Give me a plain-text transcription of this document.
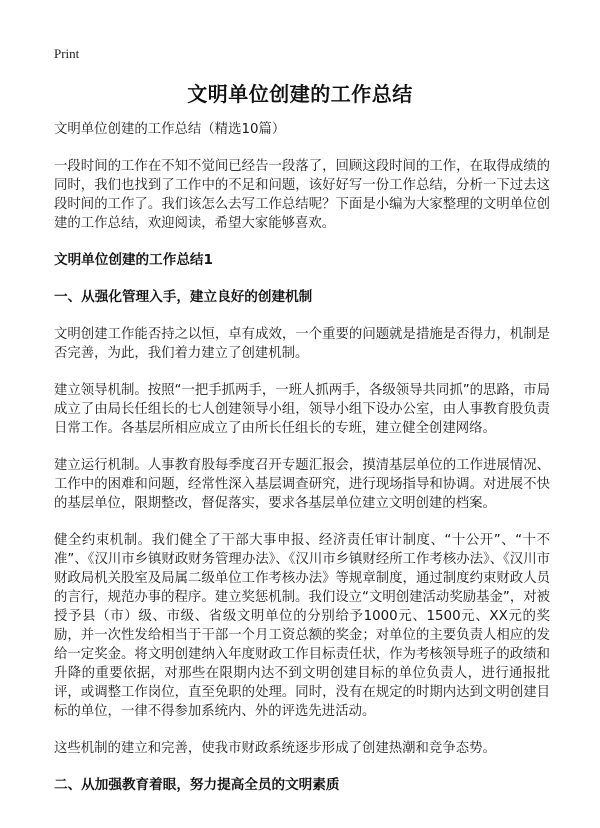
Print
文明单位创建的工作总结

文明单位创建的工作总结（精选10篇）

一段时间的工作在不知不觉间已经告一段落了，回顾这段时间的工作，在取得成绩的同时，我们也找到了工作中的不足和问题，该好好写一份工作总结，分析一下过去这段时间的工作了。我们该怎么去写工作总结呢？下面是小编为大家整理的文明单位创建的工作总结，欢迎阅读，希望大家能够喜欢。

文明单位创建的工作总结1
一、从强化管理入手，建立良好的创建机制

文明创建工作能否持之以恒，卓有成效，一个重要的问题就是措施是否得力，机制是否完善，为此，我们着力建立了创建机制。

建立领导机制。按照“一把手抓两手，一班人抓两手，各级领导共同抓”的思路，市局成立了由局长任组长的七人创建领导小组，领导小组下设办公室，由人事教育股负责日常工作。各基层所相应成立了由所长任组长的专班，建立健全创建网络。

建立运行机制。人事教育股每季度召开专题汇报会，摸清基层单位的工作进展情况、工作中的困难和问题，经常性深入基层调查研究，进行现场指导和协调。对进展不快的基层单位，限期整改，督促落实，要求各基层单位建立文明创建的档案。

健全约束机制。我们健全了干部大事申报、经济责任审计制度、“十公开”、“十不准”、《汉川市乡镇财政财务管理办法》、《汉川市乡镇财经所工作考核办法》、《汉川市财政局机关股室及局属二级单位工作考核办法》等规章制度，通过制度约束财政人员的言行，规范办事的程序。建立奖惩机制。我们设立“文明创建活动奖励基金”，对被授予县（市）级、市级、省级文明单位的分别给予1000元、1500元、XX元的奖励，并一次性发给相当于干部一个月工资总额的奖金；对单位的主要负责人相应的发给一定奖金。将文明创建纳入年度财政工作目标责任状，作为考核领导班子的政绩和升降的重要依据，对那些在限期内达不到文明创建目标的单位负责人，进行通报批评，或调整工作岗位，直至免职的处理。同时，没有在规定的时期内达到文明创建目标的单位，一律不得参加系统内、外的评选先进活动。

这些机制的建立和完善，使我市财政系统逐步形成了创建热潮和竞争态势。

二、从加强教育着眼，努力提高全员的文明素质
